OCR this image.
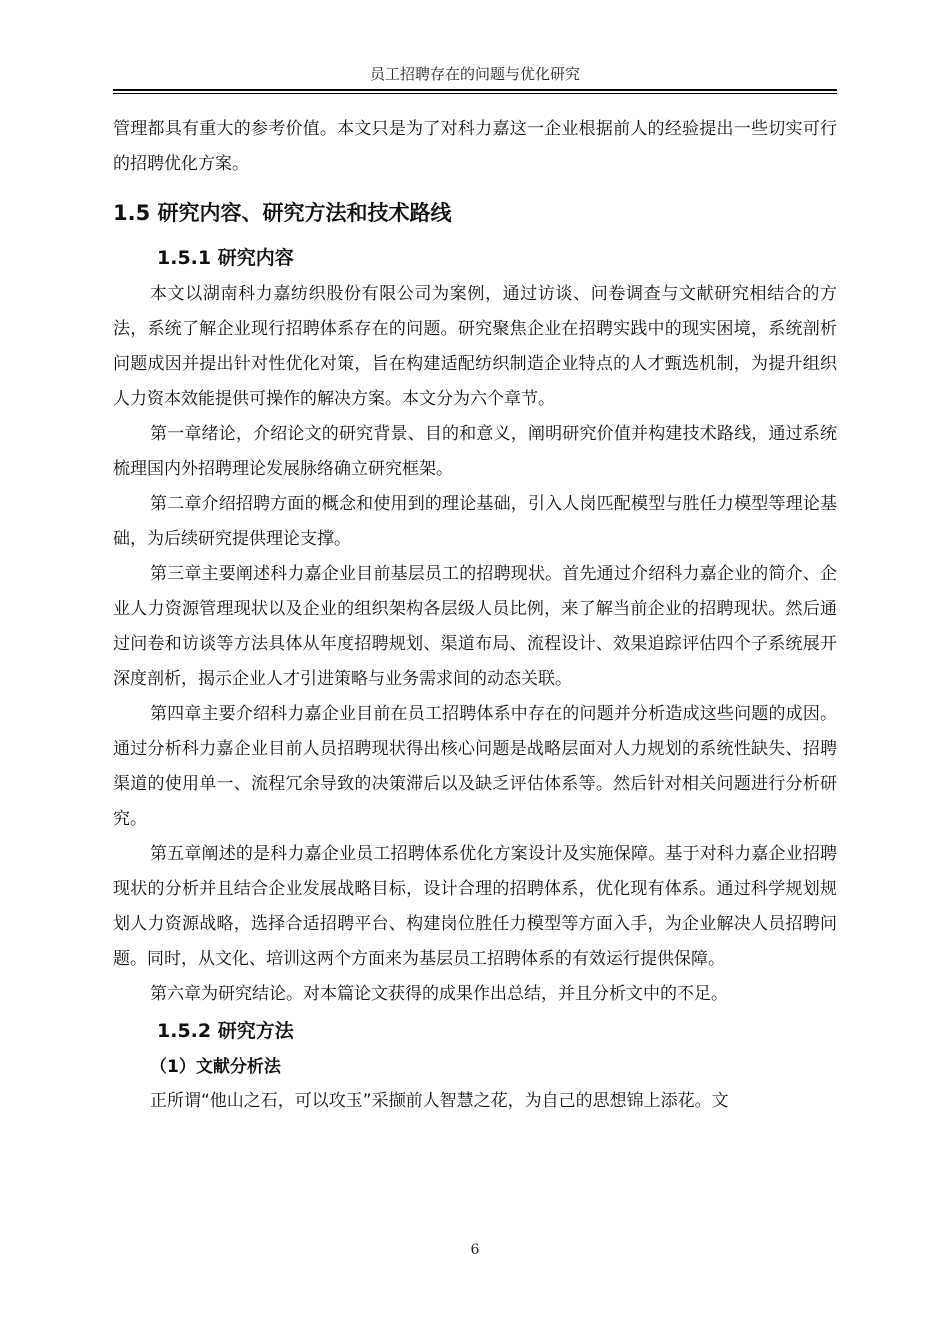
员工招聘存在的问题与优化研究

管理都具有重大的参考价值。本文只是为了对科力嘉这一企业根据前人的经验提出一些切实可行的招聘优化方案。

1.5 研究内容、研究方法和技术路线
1.5.1 研究内容

本文以湖南科力嘉纺织股份有限公司为案例，通过访谈、问卷调查与文献研究相结合的方法，系统了解企业现行招聘体系存在的问题。研究聚焦企业在招聘实践中的现实困境，系统剖析问题成因并提出针对性优化对策，旨在构建适配纺织制造企业特点的人才甄选机制，为提升组织人力资本效能提供可操作的解决方案。本文分为六个章节。

第一章绪论，介绍论文的研究背景、目的和意义，阐明研究价值并构建技术路线，通过系统梳理国内外招聘理论发展脉络确立研究框架。

第二章介绍招聘方面的概念和使用到的理论基础，引入人岗匹配模型与胜任力模型等理论基础，为后续研究提供理论支撑。

第三章主要阐述科力嘉企业目前基层员工的招聘现状。首先通过介绍科力嘉企业的简介、企业人力资源管理现状以及企业的组织架构各层级人员比例，来了解当前企业的招聘现状。然后通过问卷和访谈等方法具体从年度招聘规划、渠道布局、流程设计、效果追踪评估四个子系统展开深度剖析，揭示企业人才引进策略与业务需求间的动态关联。

第四章主要介绍科力嘉企业目前在员工招聘体系中存在的问题并分析造成这些问题的成因。通过分析科力嘉企业目前人员招聘现状得出核心问题是战略层面对人力规划的系统性缺失、招聘渠道的使用单一、流程冗余导致的决策滞后以及缺乏评估体系等。然后针对相关问题进行分析研究。

第五章阐述的是科力嘉企业员工招聘体系优化方案设计及实施保障。基于对科力嘉企业招聘现状的分析并且结合企业发展战略目标，设计合理的招聘体系，优化现有体系。通过科学规划规划人力资源战略，选择合适招聘平台、构建岗位胜任力模型等方面入手，为企业解决人员招聘问题。同时，从文化、培训这两个方面来为基层员工招聘体系的有效运行提供保障。

第六章为研究结论。对本篇论文获得的成果作出总结，并且分析文中的不足。

1.5.2 研究方法
（1）文献分析法

正所谓“他山之石，可以攻玉”采撷前人智慧之花，为自己的思想锦上添花。文

6
